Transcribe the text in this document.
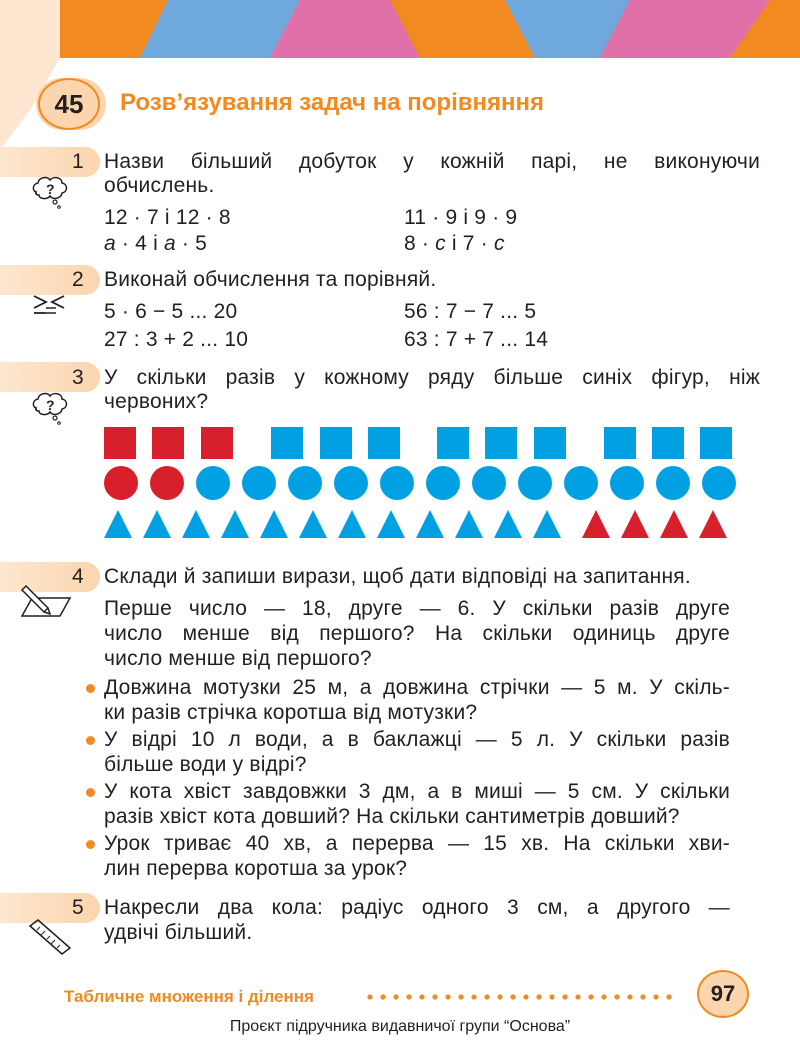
45 Розв’язування задач на порівняння
1
?
Назви більший добуток у кожній парі, не виконуючи
обчислень.
12 · 7 і 12 · 8	11 · 9 і 9 · 9
a · 4 і a · 5	8 · c і 7 · c
2 Виконай обчислення та порівняй.
5 · 6 − 5 ... 20	56 : 7 − 7 ... 5
27 : 3 + 2 ... 10	63 : 7 + 7 ... 14
3
?
У скільки разів у кожному ряду більше синіх фігур, ніж
червоних?
4 Склади й запиши вирази, щоб дати відповіді на запитання.
Перше число — 18, друге — 6. У скільки разів друге
число менше від першого? На скільки одиниць друге
число менше від першого?
Довжина мотузки 25 м, а довжина стрічки — 5 м. У скіль-
ки разів стрічка коротша від мотузки?
У відрі 10 л води, а в баклажці — 5 л. У скільки разів
більше води у відрі?
У кота хвіст завдовжки 3 дм, а в миші — 5 см. У скільки
разів хвіст кота довший? На скільки сантиметрів довший?
Урок триває 40 хв, а перерва — 15 хв. На скільки хви-
лин перерва коротша за урок?
5 Накресли два кола: радіус одного 3 см, а другого —
удвічі більший.
Табличне множення і ділення	97
Проєкт підручника видавничої групи “Основа”
